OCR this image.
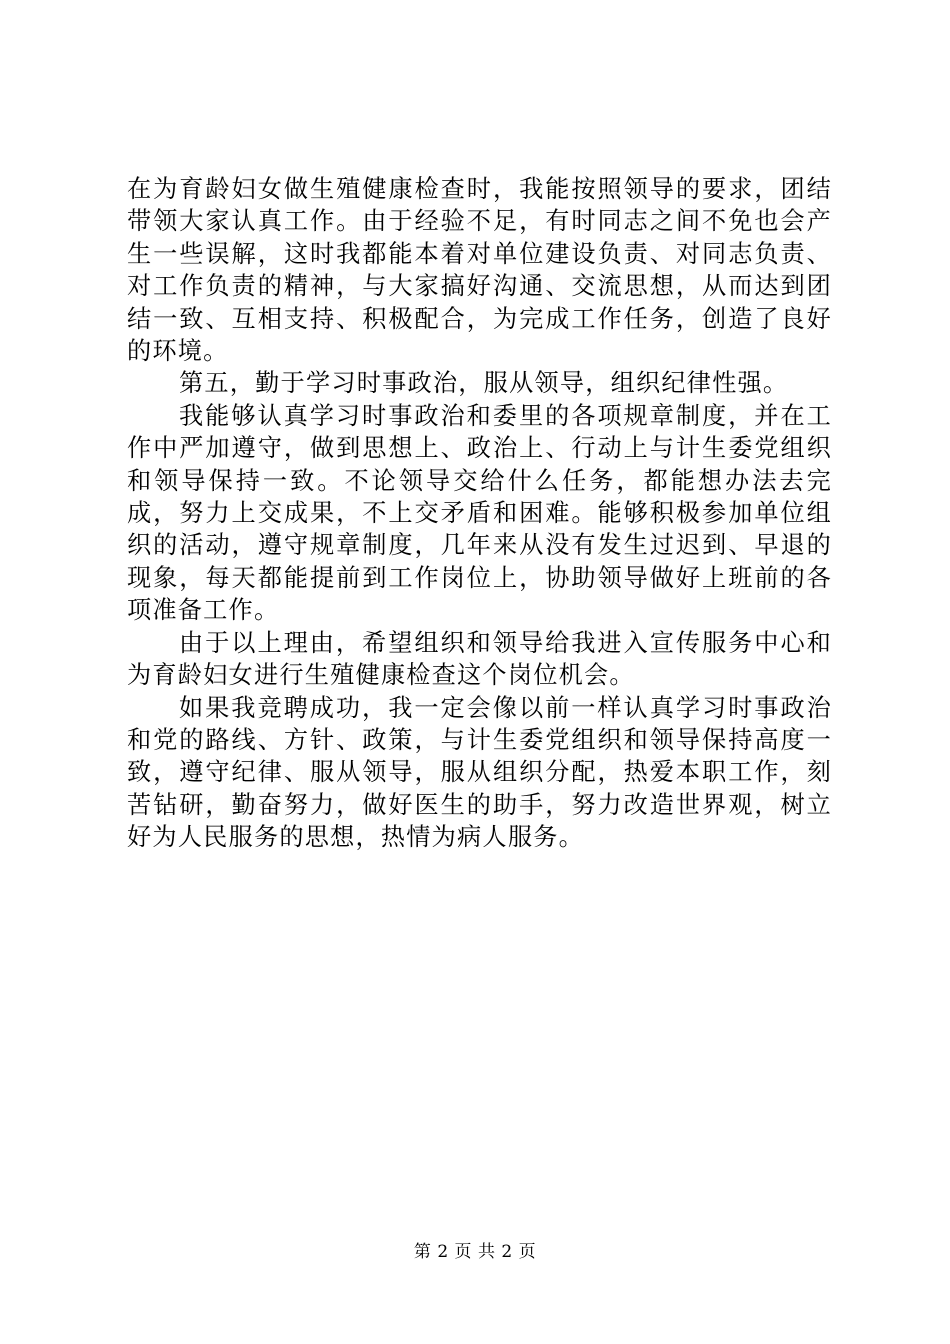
在为育龄妇女做生殖健康检查时，我能按照领导的要求，团结带领大家认真工作。由于经验不足，有时同志之间不免也会产生一些误解，这时我都能本着对单位建设负责、对同志负责、对工作负责的精神，与大家搞好沟通、交流思想，从而达到团结一致、互相支持、积极配合，为完成工作任务，创造了良好的环境。

第五，勤于学习时事政治，服从领导，组织纪律性强。

我能够认真学习时事政治和委里的各项规章制度，并在工作中严加遵守，做到思想上、政治上、行动上与计生委党组织和领导保持一致。不论领导交给什么任务，都能想办法去完成，努力上交成果，不上交矛盾和困难。能够积极参加单位组织的活动，遵守规章制度，几年来从没有发生过迟到、早退的现象，每天都能提前到工作岗位上，协助领导做好上班前的各项准备工作。

由于以上理由，希望组织和领导给我进入宣传服务中心和为育龄妇女进行生殖健康检查这个岗位机会。

如果我竞聘成功，我一定会像以前一样认真学习时事政治和党的路线、方针、政策，与计生委党组织和领导保持高度一致，遵守纪律、服从领导，服从组织分配，热爱本职工作，刻苦钻研，勤奋努力，做好医生的助手，努力改造世界观，树立好为人民服务的思想，热情为病人服务。

第 2 页 共 2 页
